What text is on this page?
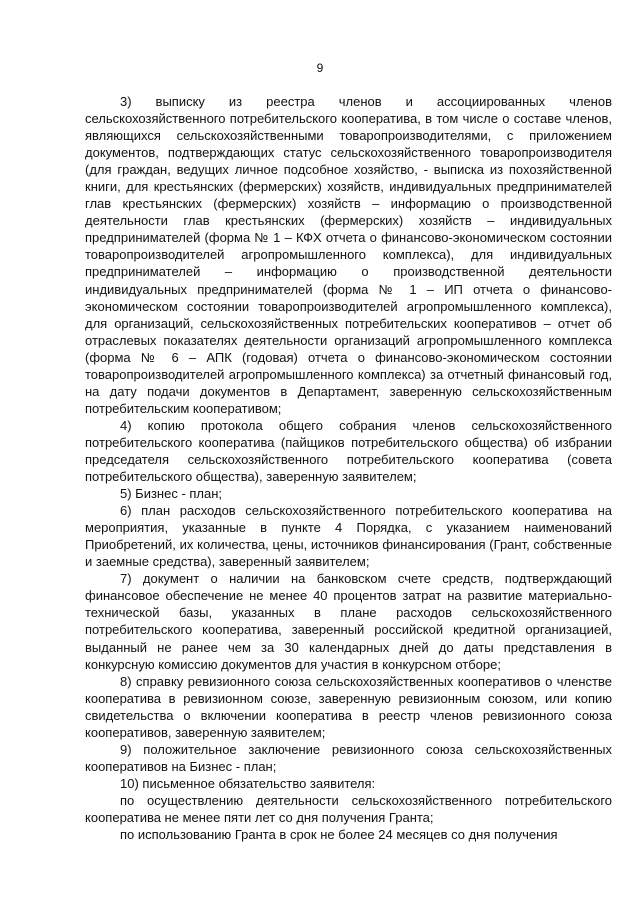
9

3) выписку из реестра членов и ассоциированных членов сельскохозяйственного потребительского кооператива, в том числе о составе членов, являющихся сельскохозяйственными товаропроизводителями, с приложением документов, подтверждающих статус сельскохозяйственного товаропроизводителя (для граждан, ведущих личное подсобное хозяйство, - выписка из похозяйственной книги, для крестьянских (фермерских) хозяйств, индивидуальных предпринимателей глав крестьянских (фермерских) хозяйств – информацию о производственной деятельности глав крестьянских (фермерских) хозяйств – индивидуальных предпринимателей (форма № 1 – КФХ отчета о финансово-экономическом состоянии товаропроизводителей агропромышленного комплекса), для индивидуальных предпринимателей – информацию о производственной деятельности индивидуальных предпринимателей (форма № 1 – ИП отчета о финансово-экономическом состоянии товаропроизводителей агропромышленного комплекса), для организаций, сельскохозяйственных потребительских кооперативов – отчет об отраслевых показателях деятельности организаций агропромышленного комплекса (форма № 6 – АПК (годовая) отчета о финансово-экономическом состоянии товаропроизводителей агропромышленного комплекса) за отчетный финансовый год, на дату подачи документов в Департамент, заверенную сельскохозяйственным потребительским кооперативом;

4) копию протокола общего собрания членов сельскохозяйственного потребительского кооператива (пайщиков потребительского общества) об избрании председателя сельскохозяйственного потребительского кооператива (совета потребительского общества), заверенную заявителем;

5) Бизнес - план;

6) план расходов сельскохозяйственного потребительского кооператива на мероприятия, указанные в пункте 4 Порядка, с указанием наименований Приобретений, их количества, цены, источников финансирования (Грант, собственные и заемные средства), заверенный заявителем;

7) документ о наличии на банковском счете средств, подтверждающий финансовое обеспечение не менее 40 процентов затрат на развитие материально-технической базы, указанных в плане расходов сельскохозяйственного потребительского кооператива, заверенный российской кредитной организацией, выданный не ранее чем за 30 календарных дней до даты представления в конкурсную комиссию документов для участия в конкурсном отборе;

8) справку ревизионного союза сельскохозяйственных кооперативов о членстве кооператива в ревизионном союзе, заверенную ревизионным союзом, или копию свидетельства о включении кооператива в реестр членов ревизионного союза кооперативов, заверенную заявителем;

9) положительное заключение ревизионного союза сельскохозяйственных кооперативов на Бизнес - план;

10) письменное обязательство заявителя:

по осуществлению деятельности сельскохозяйственного потребительского кооператива не менее пяти лет со дня получения Гранта;

по использованию Гранта в срок не более 24 месяцев со дня получения
